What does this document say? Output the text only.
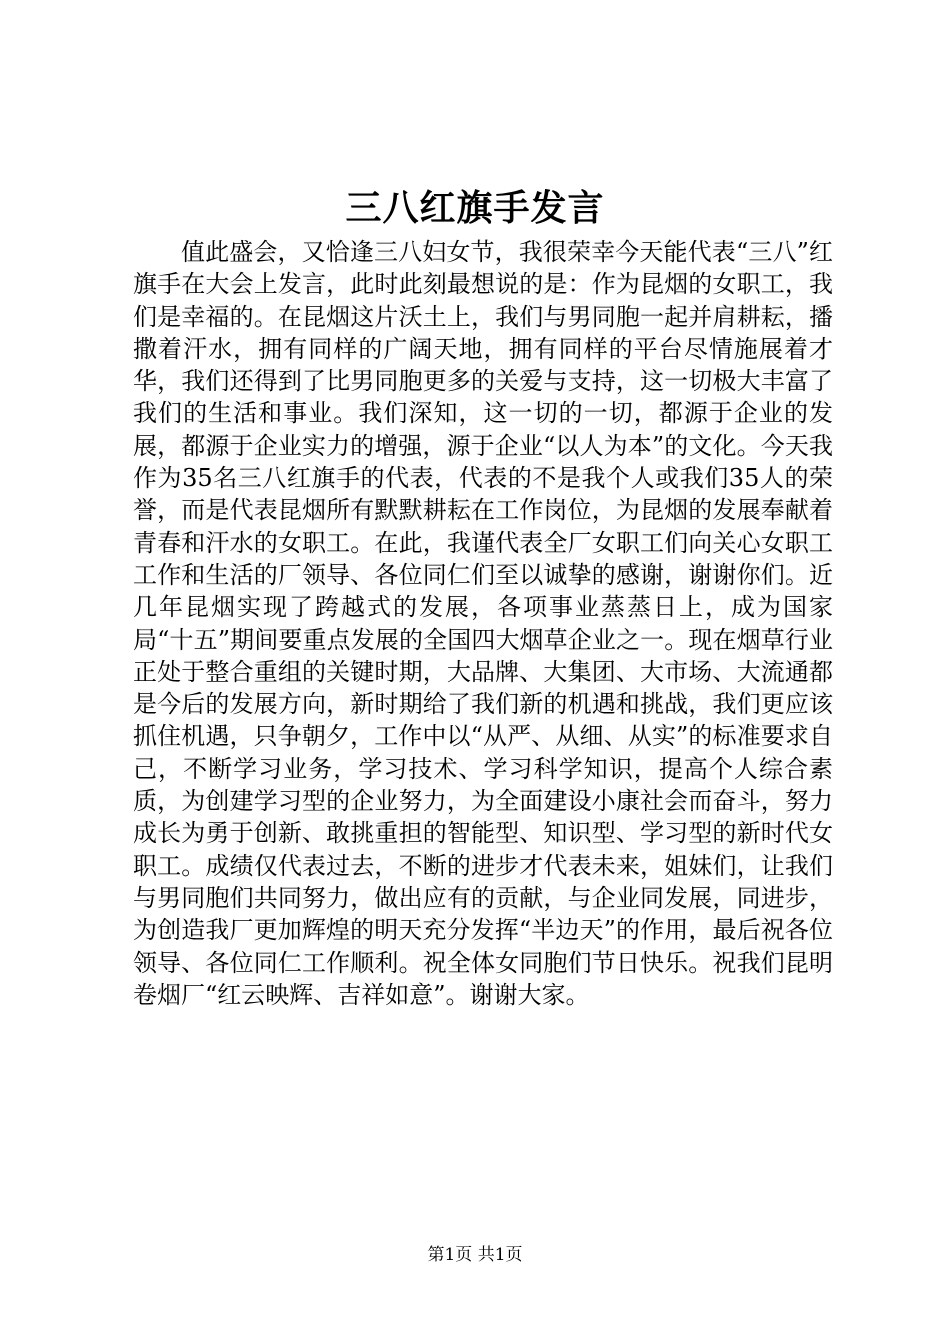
三八红旗手发言

值此盛会，又恰逢三八妇女节，我很荣幸今天能代表“三八”红旗手在大会上发言，此时此刻最想说的是：作为昆烟的女职工，我们是幸福的。在昆烟这片沃土上，我们与男同胞一起并肩耕耘，播撒着汗水，拥有同样的广阔天地，拥有同样的平台尽情施展着才华，我们还得到了比男同胞更多的关爱与支持，这一切极大丰富了我们的生活和事业。我们深知，这一切的一切，都源于企业的发展，都源于企业实力的增强，源于企业“以人为本”的文化。今天我作为35名三八红旗手的代表，代表的不是我个人或我们35人的荣誉，而是代表昆烟所有默默耕耘在工作岗位，为昆烟的发展奉献着青春和汗水的女职工。在此，我谨代表全厂女职工们向关心女职工工作和生活的厂领导、各位同仁们至以诚挚的感谢，谢谢你们。近几年昆烟实现了跨越式的发展，各项事业蒸蒸日上，成为国家局“十五”期间要重点发展的全国四大烟草企业之一。现在烟草行业正处于整合重组的关键时期，大品牌、大集团、大市场、大流通都是今后的发展方向，新时期给了我们新的机遇和挑战，我们更应该抓住机遇，只争朝夕，工作中以“从严、从细、从实”的标准要求自己，不断学习业务，学习技术、学习科学知识，提高个人综合素质，为创建学习型的企业努力，为全面建设小康社会而奋斗，努力成长为勇于创新、敢挑重担的智能型、知识型、学习型的新时代女职工。成绩仅代表过去，不断的进步才代表未来，姐妹们，让我们与男同胞们共同努力，做出应有的贡献，与企业同发展，同进步，为创造我厂更加辉煌的明天充分发挥“半边天”的作用，最后祝各位领导、各位同仁工作顺利。祝全体女同胞们节日快乐。祝我们昆明卷烟厂“红云映辉、吉祥如意”。谢谢大家。

第1页 共1页
